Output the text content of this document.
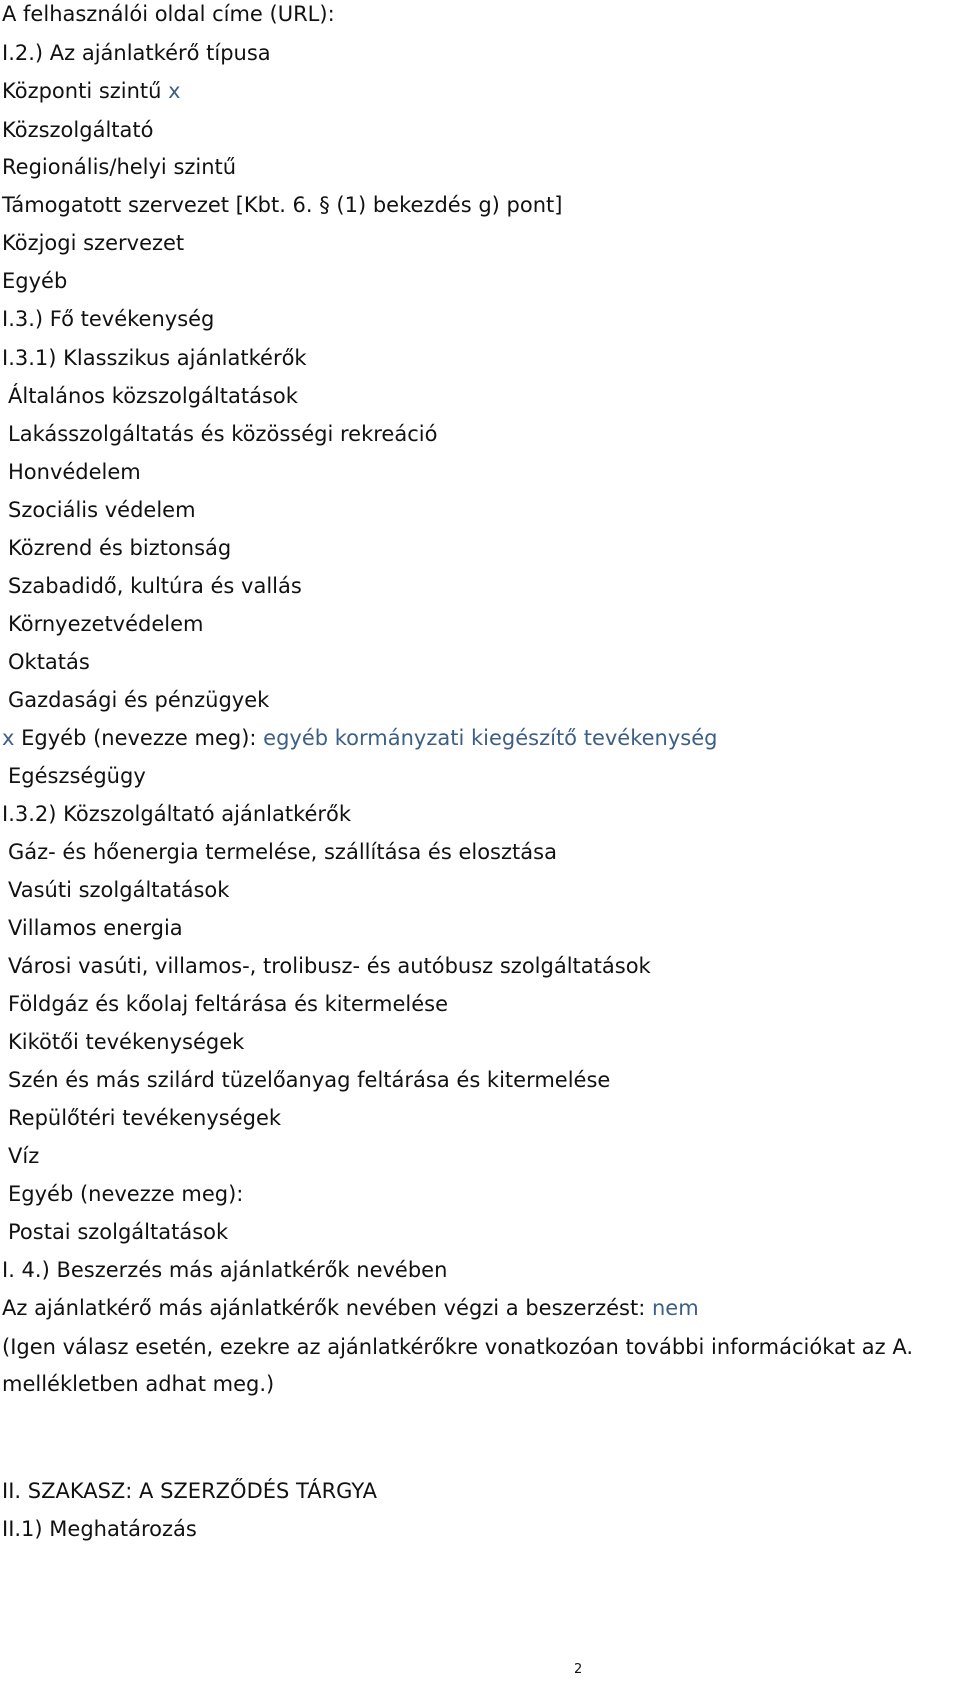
A felhasználói oldal címe (URL):
I.2.) Az ajánlatkérő típusa
Központi szintű x
Közszolgáltató
Regionális/helyi szintű
Támogatott szervezet [Kbt. 6. § (1) bekezdés g) pont]
Közjogi szervezet
Egyéb
I.3.) Fő tevékenység
I.3.1) Klasszikus ajánlatkérők
Általános közszolgáltatások
Lakásszolgáltatás és közösségi rekreáció
Honvédelem
Szociális védelem
Közrend és biztonság
Szabadidő, kultúra és vallás
Környezetvédelem
Oktatás
Gazdasági és pénzügyek
x Egyéb (nevezze meg): egyéb kormányzati kiegészítő tevékenység
Egészségügy
I.3.2) Közszolgáltató ajánlatkérők
Gáz- és hőenergia termelése, szállítása és elosztása
Vasúti szolgáltatások
Villamos energia
Városi vasúti, villamos-, trolibusz- és autóbusz szolgáltatások
Földgáz és kőolaj feltárása és kitermelése
Kikötői tevékenységek
Szén és más szilárd tüzelőanyag feltárása és kitermelése
Repülőtéri tevékenységek
Víz
Egyéb (nevezze meg):
Postai szolgáltatások
I. 4.) Beszerzés más ajánlatkérők nevében
Az ajánlatkérő más ajánlatkérők nevében végzi a beszerzést: nem
(Igen válasz esetén, ezekre az ajánlatkérőkre vonatkozóan további információkat az A.
mellékletben adhat meg.)
II. SZAKASZ: A SZERZŐDÉS TÁRGYA
II.1) Meghatározás
2
